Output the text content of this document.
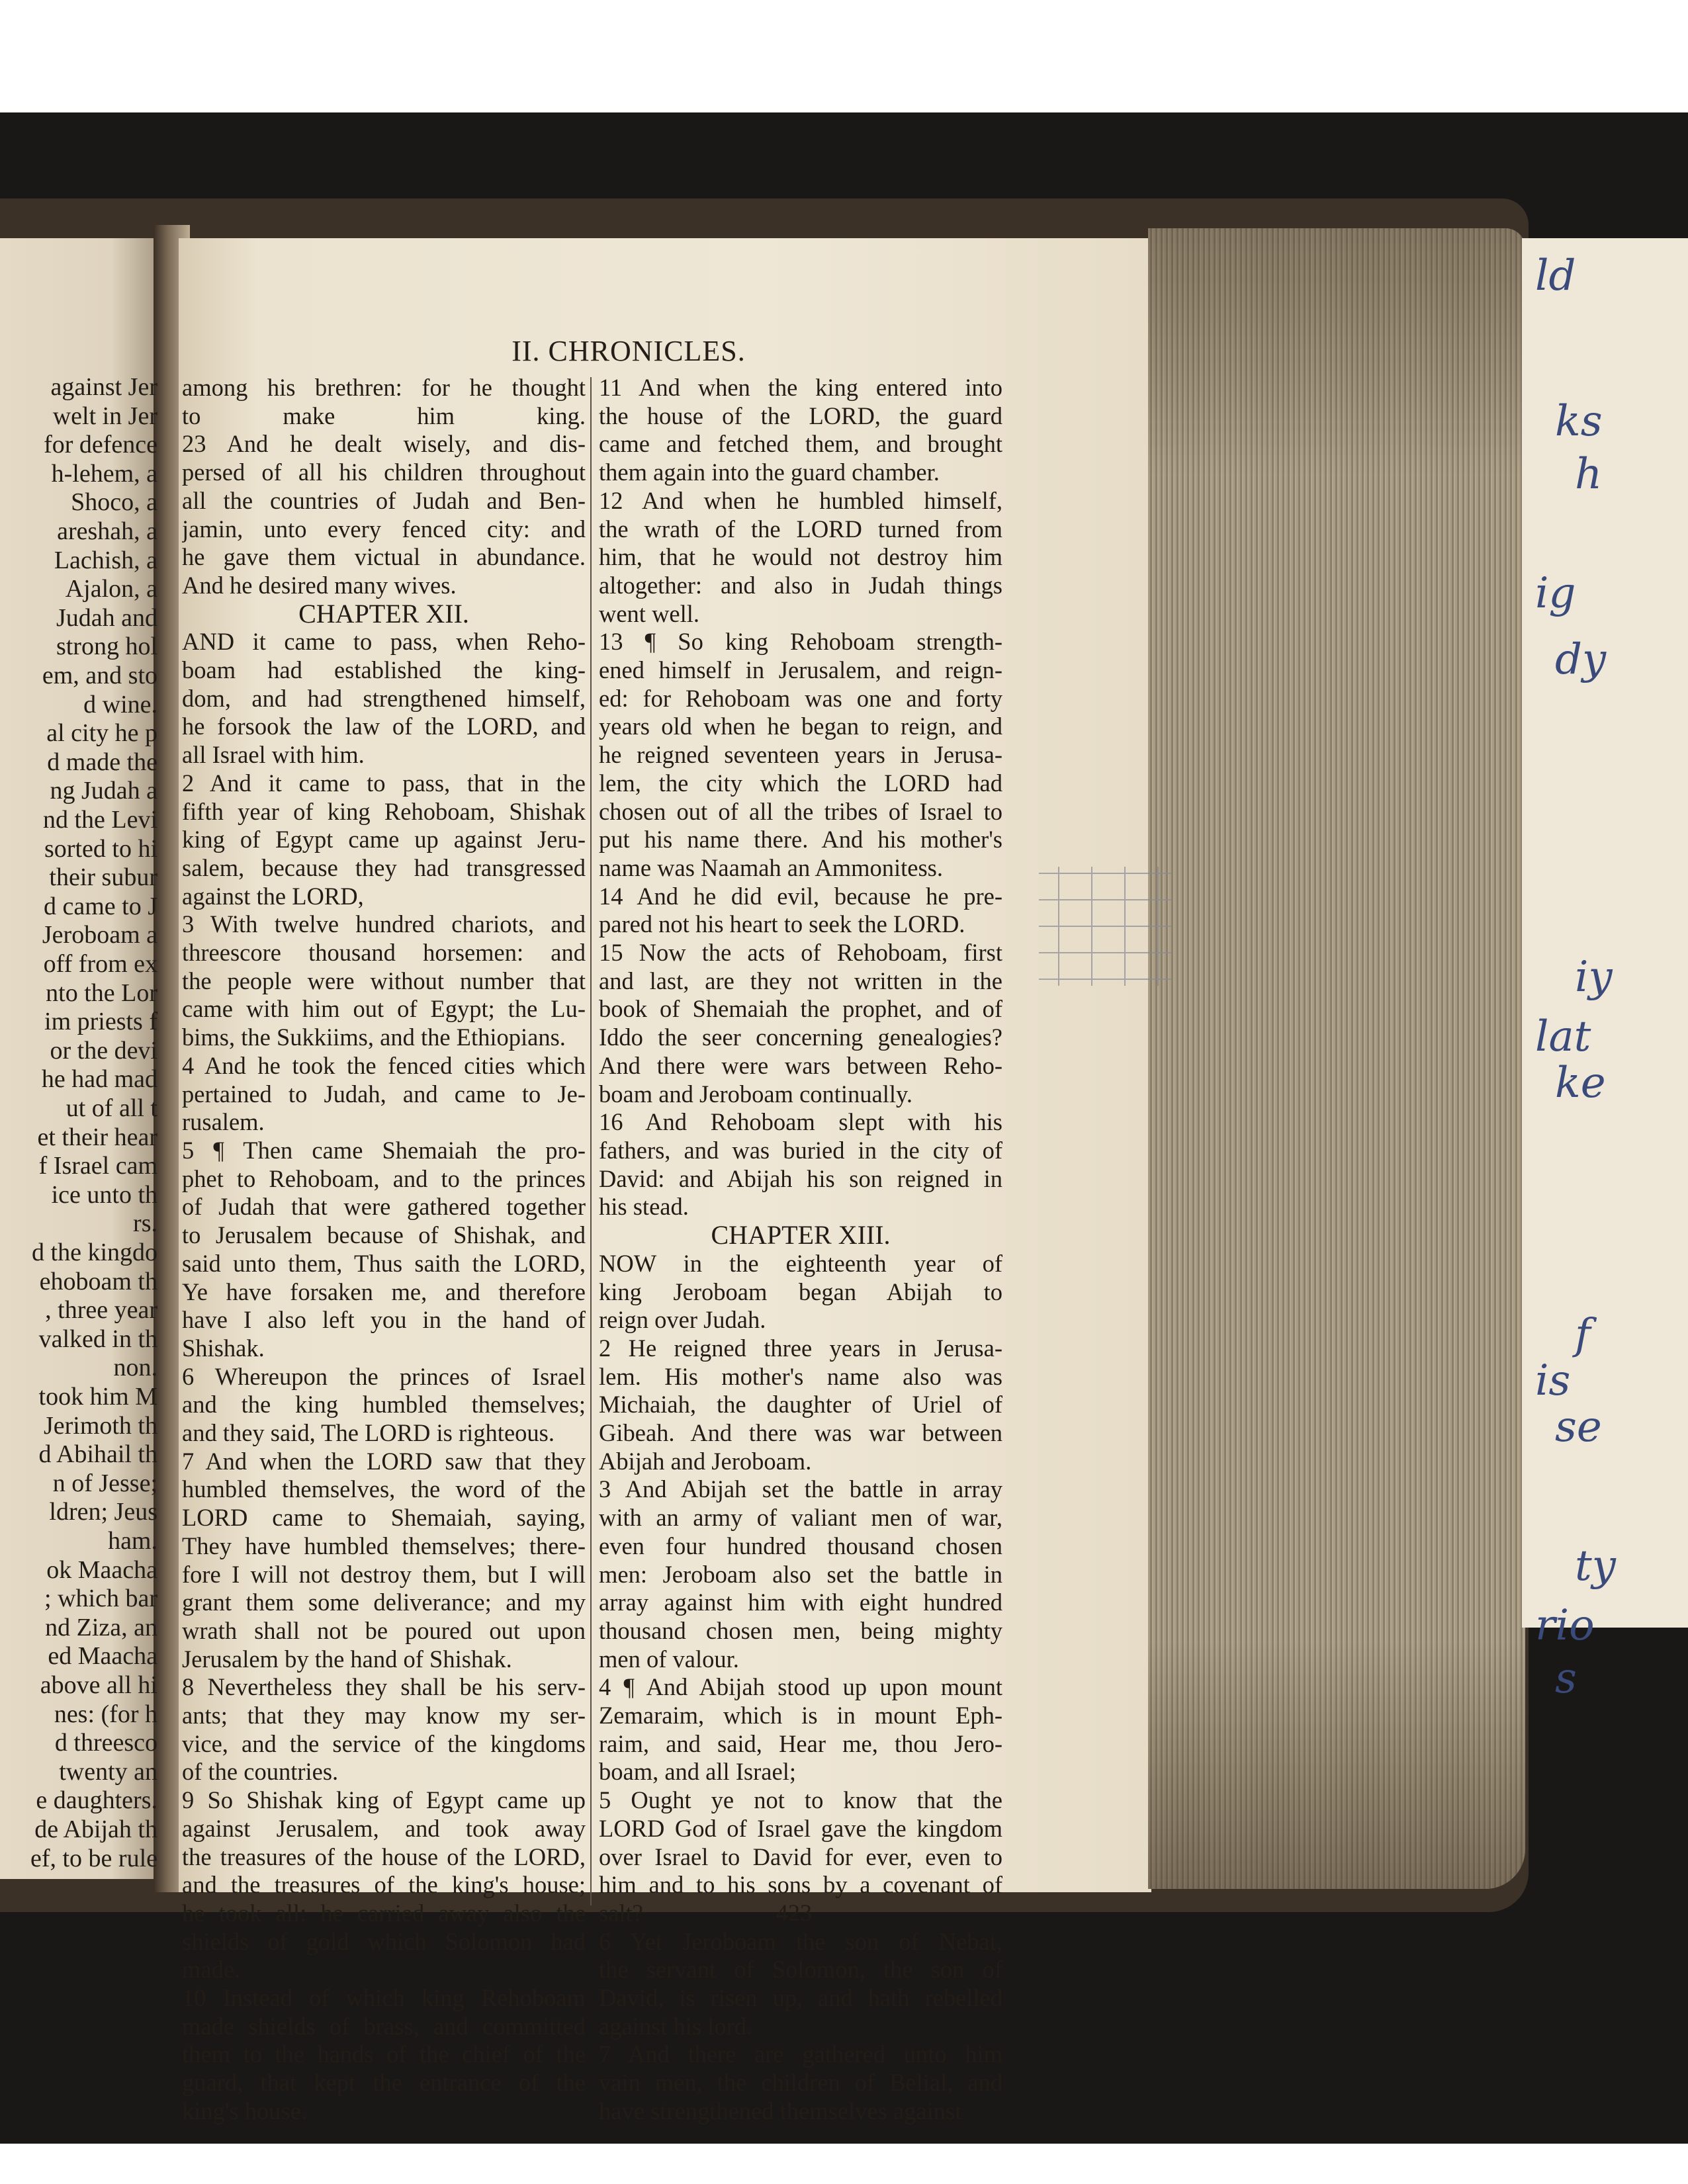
against Jer
welt in Jer
for defence
h-lehem, a
Shoco, a
areshah, a
Lachish, a
Ajalon, a
Judah and
strong hol
em, and sto
d wine.
al city he p
d made the
ng Judah a
nd the Levi
sorted to hi
their subur
d came to J
Jeroboam a
off from ex
nto the Lor
im priests f
or the devi
he had mad
ut of all t
et their hear
f Israel cam
ice unto th
rs.
d the kingdo
ehoboam th
, three year
valked in th
non.
took him M
Jerimoth th
d Abihail th
n of Jesse;
ldren; Jeus
ham.
ok Maacha
; which bar
nd Ziza, an
ed Maacha
above all hi
nes: (for h
d threesco
twenty an
e daughters.
de Abijah th
ef, to be rule
II. CHRONICLES.
among his brethren: for he thought
to make him king.
23 And he dealt wisely, and dis-
persed of all his children throughout
all the countries of Judah and Ben-
jamin, unto every fenced city: and
he gave them victual in abundance.
And he desired many wives.
CHAPTER XII.
AND it came to pass, when Reho-
boam had established the king-
dom, and had strengthened himself,
he forsook the law of the LORD, and
all Israel with him.
2 And it came to pass, that in the
fifth year of king Rehoboam, Shishak
king of Egypt came up against Jeru-
salem, because they had transgressed
against the LORD,
3 With twelve hundred chariots, and
threescore thousand horsemen: and
the people were without number that
came with him out of Egypt; the Lu-
bims, the Sukkiims, and the Ethiopians.
4 And he took the fenced cities which
pertained to Judah, and came to Je-
rusalem.
5 ¶ Then came Shemaiah the pro-
phet to Rehoboam, and to the princes
of Judah that were gathered together
to Jerusalem because of Shishak, and
said unto them, Thus saith the LORD,
Ye have forsaken me, and therefore
have I also left you in the hand of
Shishak.
6 Whereupon the princes of Israel
and the king humbled themselves;
and they said, The LORD is righteous.
7 And when the LORD saw that they
humbled themselves, the word of the
LORD came to Shemaiah, saying,
They have humbled themselves; there-
fore I will not destroy them, but I will
grant them some deliverance; and my
wrath shall not be poured out upon
Jerusalem by the hand of Shishak.
8 Nevertheless they shall be his serv-
ants; that they may know my ser-
vice, and the service of the kingdoms
of the countries.
9 So Shishak king of Egypt came up
against Jerusalem, and took away
the treasures of the house of the LORD,
and the treasures of the king's house;
he took all: he carried away also the
shields of gold which Solomon had
made.
10 Instead of which king Rehoboam
made shields of brass, and committed
them to the hands of the chief of the
guard, that kept the entrance of the
king's house.
11 And when the king entered into
the house of the LORD, the guard
came and fetched them, and brought
them again into the guard chamber.
12 And when he humbled himself,
the wrath of the LORD turned from
him, that he would not destroy him
altogether: and also in Judah things
went well.
13 ¶ So king Rehoboam strength-
ened himself in Jerusalem, and reign-
ed: for Rehoboam was one and forty
years old when he began to reign, and
he reigned seventeen years in Jerusa-
lem, the city which the LORD had
chosen out of all the tribes of Israel to
put his name there. And his mother's
name was Naamah an Ammonitess.
14 And he did evil, because he pre-
pared not his heart to seek the LORD.
15 Now the acts of Rehoboam, first
and last, are they not written in the
book of Shemaiah the prophet, and of
Iddo the seer concerning genealogies?
And there were wars between Reho-
boam and Jeroboam continually.
16 And Rehoboam slept with his
fathers, and was buried in the city of
David: and Abijah his son reigned in
his stead.
CHAPTER XIII.
NOW in the eighteenth year of
king Jeroboam began Abijah to
reign over Judah.
2 He reigned three years in Jerusa-
lem. His mother's name also was
Michaiah, the daughter of Uriel of
Gibeah. And there was war between
Abijah and Jeroboam.
3 And Abijah set the battle in array
with an army of valiant men of war,
even four hundred thousand chosen
men: Jeroboam also set the battle in
array against him with eight hundred
thousand chosen men, being mighty
men of valour.
4 ¶ And Abijah stood up upon mount
Zemaraim, which is in mount Eph-
raim, and said, Hear me, thou Jero-
boam, and all Israel;
5 Ought ye not to know that the
LORD God of Israel gave the kingdom
over Israel to David for ever, even to
him and to his sons by a covenant of
salt?
6 Yet Jeroboam the son of Nebat,
the servant of Solomon, the son of
David, is risen up, and hath rebelled
against his lord.
7 And there are gathered unto him
vain men, the children of Belial, and
have strengthened themselves against
423
ld
ks
h
ig
dy
iy
lat
ke
f
is
se
ty
rio
s
